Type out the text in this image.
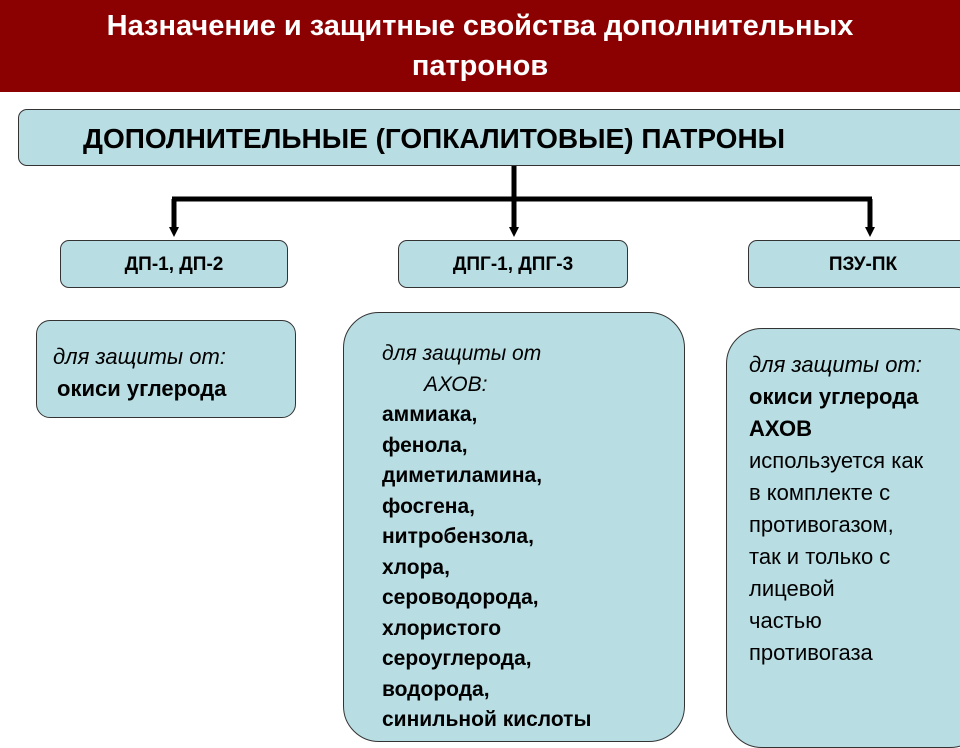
Назначение и защитные свойства дополнительных
патронов
ДОПОЛНИТЕЛЬНЫЕ (ГОПКАЛИТОВЫЕ) ПАТРОНЫ
ДП-1, ДП-2	ДПГ-1, ДПГ-3	ПЗУ-ПК
для защиты от:
окиси углерода
для защиты от
АХОВ:
аммиака,
фенола,
диметиламина,
фосгена,
нитробензола,
хлора,
сероводорода,
хлористого
сероуглерода,
водорода,
синильной кислоты
для защиты от:
окиси углерода
АХОВ
используется как
в комплекте с
противогазом,
так и только с
лицевой
частью
противогаза
